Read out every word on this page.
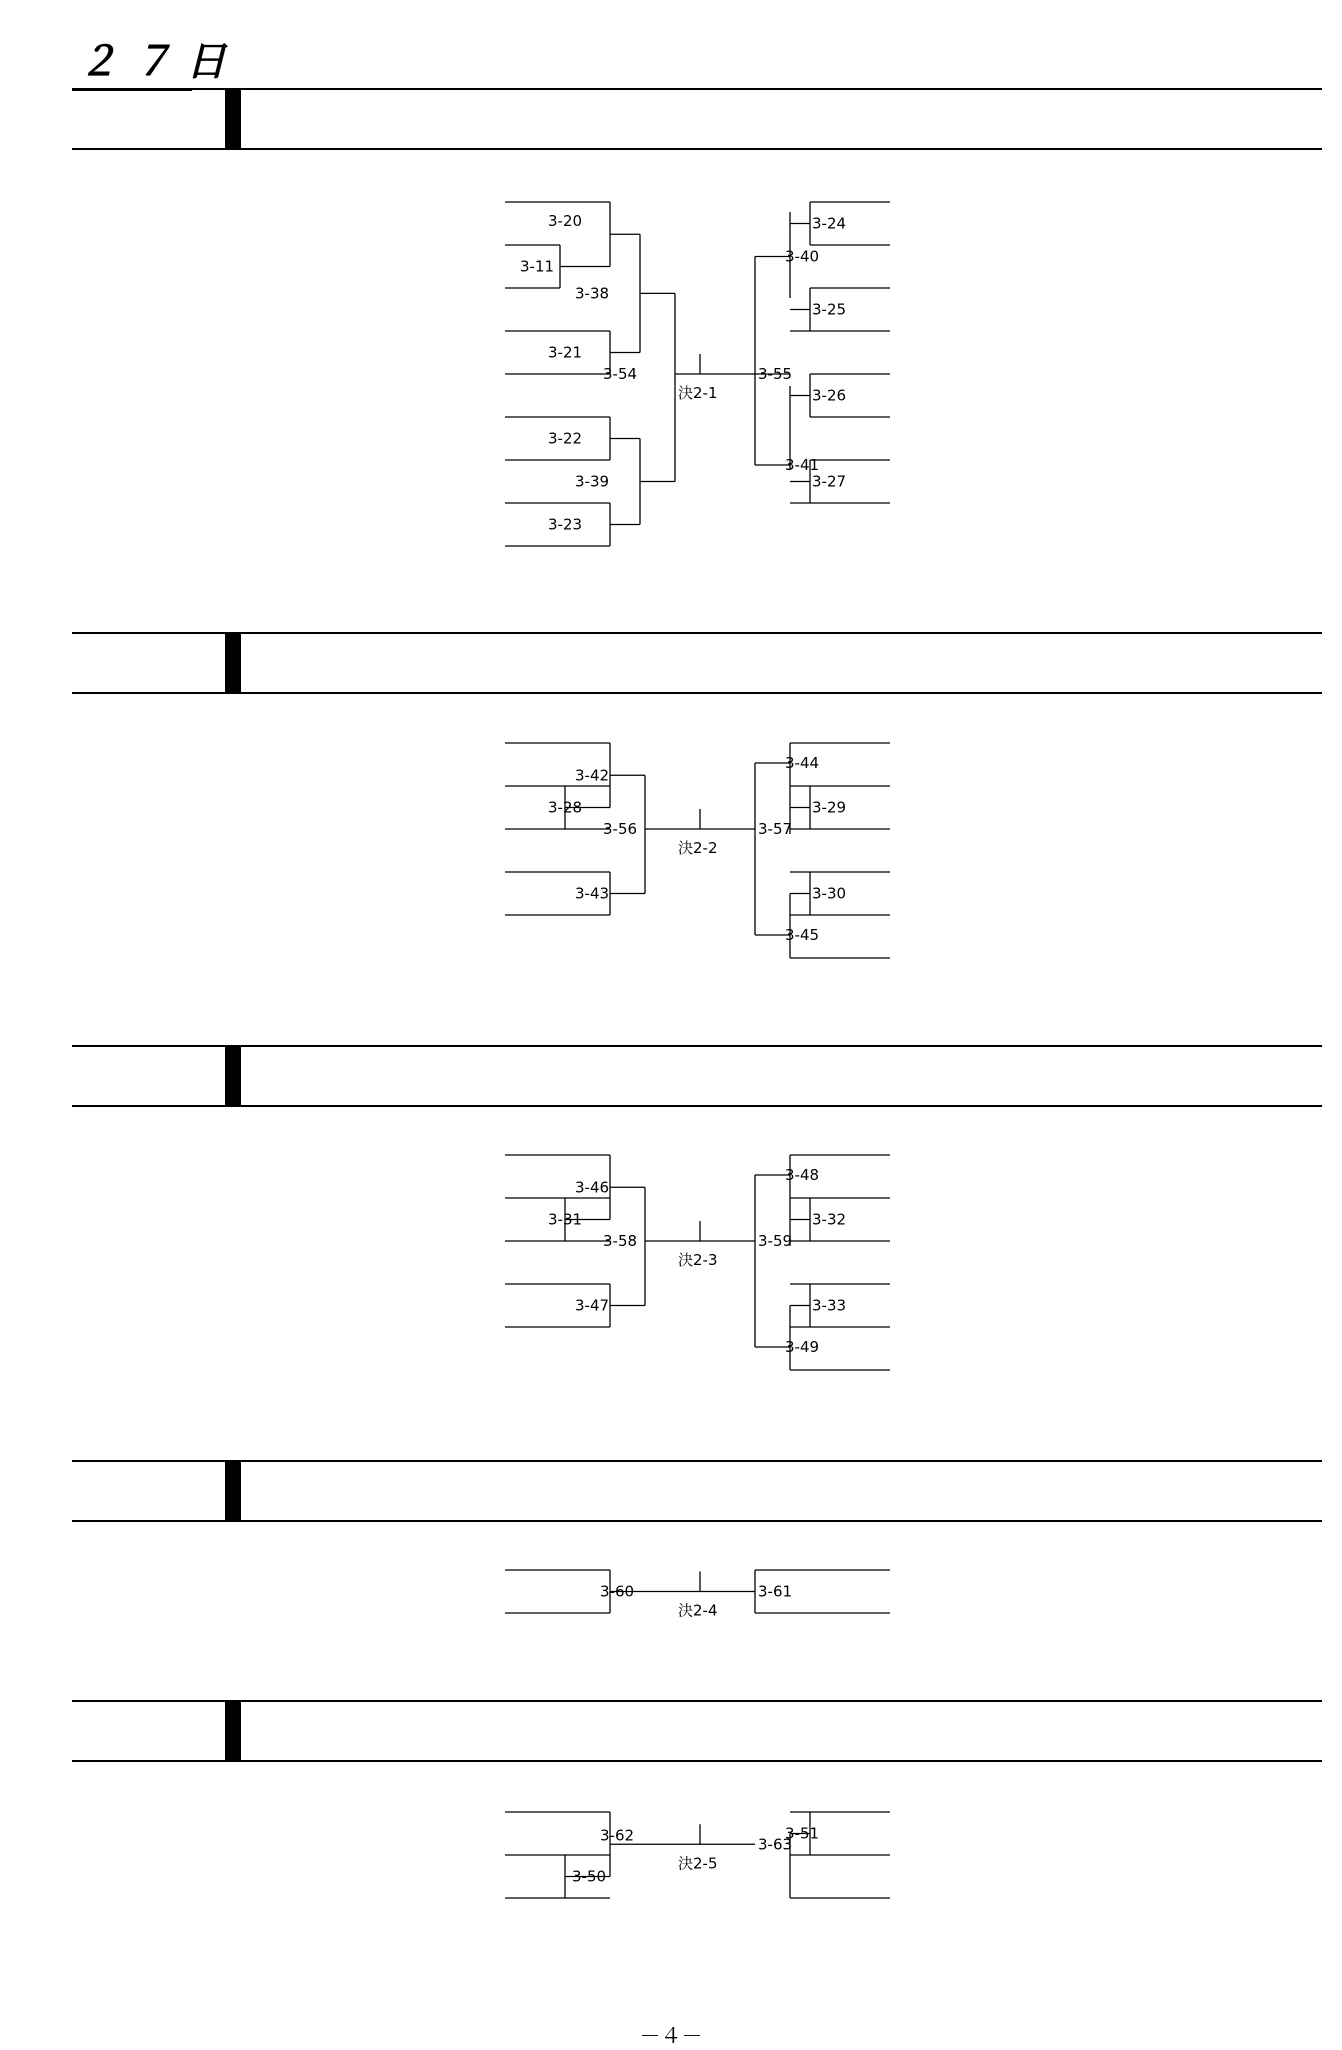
２７日
3-11
3-20
3-21
3-22
3-23
3-38
3-39
3-54
決2-1
3-55
3-40
3-41
3-24
3-25
3-26
3-27
3-28
3-42
3-43
3-56
決2-2
3-57
3-44
3-29
3-30
3-45
3-31
3-46
3-47
3-58
決2-3
3-59
3-48
3-32
3-33
3-49
3-60
決2-4
3-61
3-50
3-62
決2-5
3-51
3-63
－４－
